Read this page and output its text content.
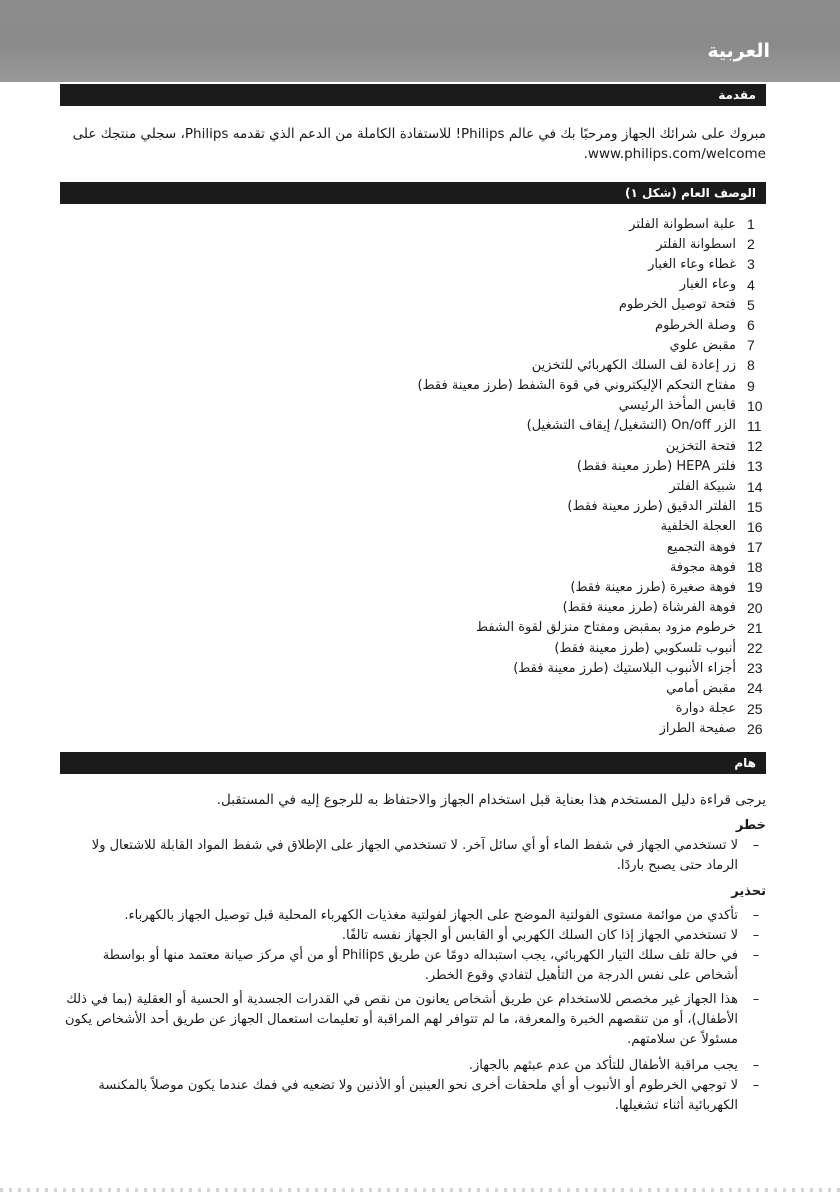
العربية
مقدمة
مبروك على شرائك الجهاز ومرحبًا بك في عالم Philips! للاستفادة الكاملة من الدعم الذي تقدمه Philips، سجلي منتجك على www.philips.com/welcome.
الوصف العام (شكل ١)
1
علبة اسطوانة الفلتر
2
اسطوانة الفلتر
3
غطاء وعاء الغبار
4
وعاء الغبار
5
فتحة توصيل الخرطوم
6
وصلة الخرطوم
7
مقبض علوي
8
زر إعادة لف السلك الكهربائي للتخزين
9
مفتاح التحكم الإليكتروني في قوة الشفط (طرز معينة فقط)
10
قابس المأخذ الرئيسي
11
الزر On/off (التشغيل/ إيقاف التشغيل)
12
فتحة التخزين
13
فلتر HEPA (طرز معينة فقط)
14
شبيكة الفلتر
15
الفلتر الدقيق (طرز معينة فقط)
16
العجلة الخلفية
17
فوهة التجميع
18
فوهة مجوفة
19
فوهة صغيرة (طرز معينة فقط)
20
فوهة الفرشاة (طرز معينة فقط)
21
خرطوم مزود بمقبض ومفتاح منزلق لقوة الشفط
22
أنبوب تلسكوبي (طرز معينة فقط)
23
أجزاء الأنبوب البلاستيك (طرز معينة فقط)
24
مقبض أمامي
25
عجلة دوارة
26
صفيحة الطراز
هام
يرجى قراءة دليل المستخدم هذا بعناية قبل استخدام الجهاز والاحتفاظ به للرجوع إليه في المستقبل.
خطر
–
لا تستخدمي الجهاز في شفط الماء أو أي سائل آخر. لا تستخدمي الجهاز على الإطلاق في شفط المواد القابلة للاشتعال ولا الرماد حتى يصبح باردًا.
تحذير
–
تأكدي من موائمة مستوى الفولتية الموضح على الجهاز لفولتية مغذيات الكهرباء المحلية قبل توصيل الجهاز بالكهرباء.
–
لا تستخدمي الجهاز إذا كان السلك الكهربي أو القابس أو الجهاز نفسه تالفًا.
–
في حالة تلف سلك التيار الكهربائي، يجب استبداله دومًا عن طريق Philips أو من أي مركز صيانة معتمد منها أو بواسطة أشخاص على نفس الدرجة من التأهيل لتفادي وقوع الخطر.
–
هذا الجهاز غير مخصص للاستخدام عن طريق أشخاص يعانون من نقص في القدرات الجسدية أو الحسية أو العقلية (بما في ذلك الأطفال)، أو من تنقصهم الخبرة والمعرفة، ما لم تتوافر لهم المراقبة أو تعليمات استعمال الجهاز عن طريق أحد الأشخاص يكون مسئولاً عن سلامتهم.
–
يجب مراقبة الأطفال للتأكد من عدم عبثهم بالجهاز.
–
لا توجهي الخرطوم أو الأنبوب أو أي ملحقات أخرى نحو العينين أو الأذنين ولا تضعيه في فمك عندما يكون موصلاً بالمكنسة الكهربائية أثناء تشغيلها.
